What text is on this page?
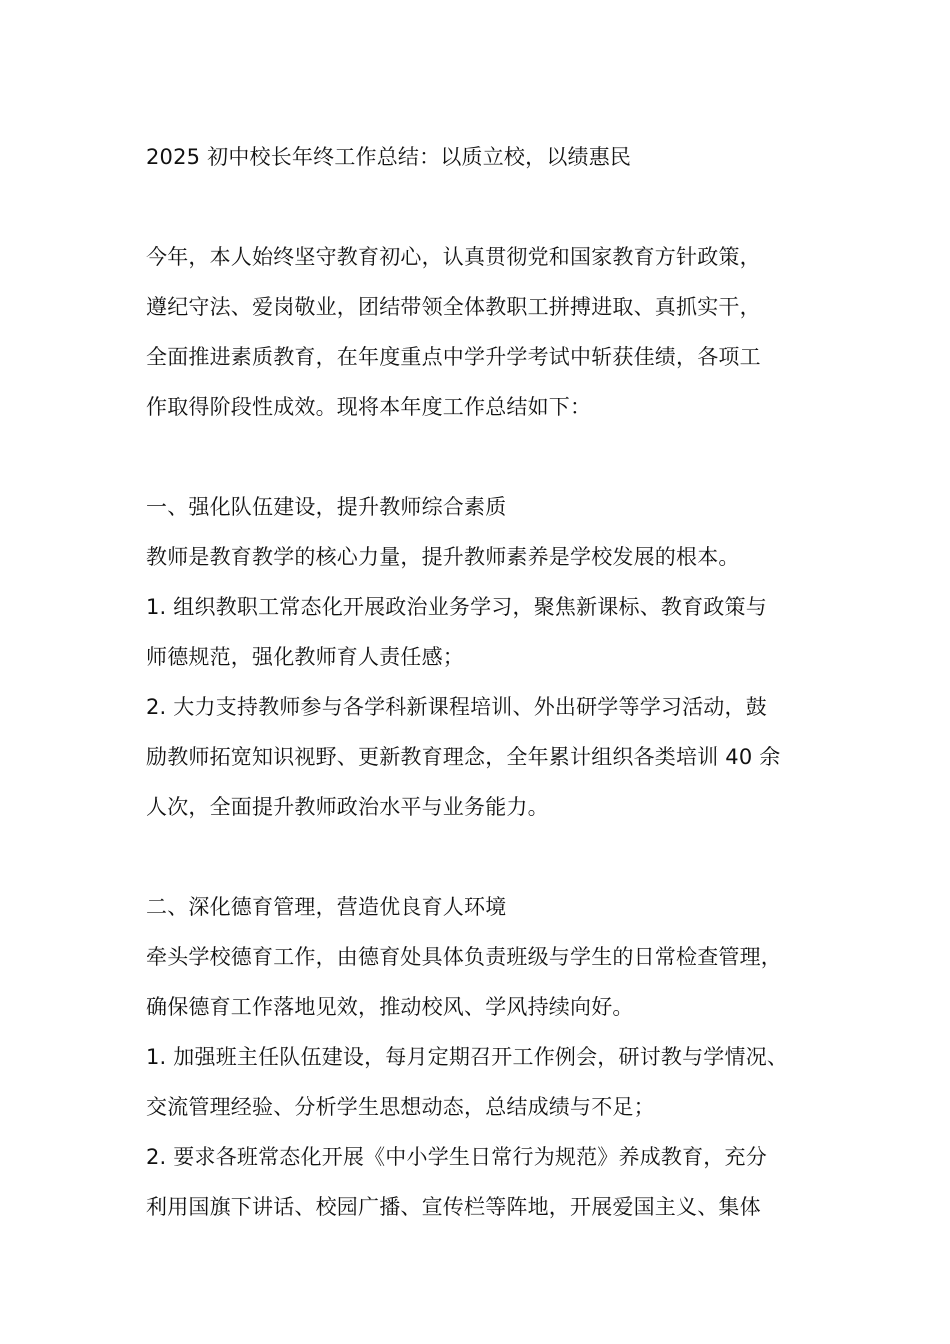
2025 初中校长年终工作总结：以质立校，以绩惠民
今年，本人始终坚守教育初心，认真贯彻党和国家教育方针政策，
遵纪守法、爱岗敬业，团结带领全体教职工拼搏进取、真抓实干，
全面推进素质教育，在年度重点中学升学考试中斩获佳绩，各项工
作取得阶段性成效。现将本年度工作总结如下：
一、强化队伍建设，提升教师综合素质
教师是教育教学的核心力量，提升教师素养是学校发展的根本。
1. 组织教职工常态化开展政治业务学习，聚焦新课标、教育政策与
师德规范，强化教师育人责任感；
2. 大力支持教师参与各学科新课程培训、外出研学等学习活动，鼓
励教师拓宽知识视野、更新教育理念，全年累计组织各类培训 40 余
人次，全面提升教师政治水平与业务能力。
二、深化德育管理，营造优良育人环境
牵头学校德育工作，由德育处具体负责班级与学生的日常检查管理，
确保德育工作落地见效，推动校风、学风持续向好。
1. 加强班主任队伍建设，每月定期召开工作例会，研讨教与学情况、
交流管理经验、分析学生思想动态，总结成绩与不足；
2. 要求各班常态化开展《中小学生日常行为规范》养成教育，充分
利用国旗下讲话、校园广播、宣传栏等阵地，开展爱国主义、集体
